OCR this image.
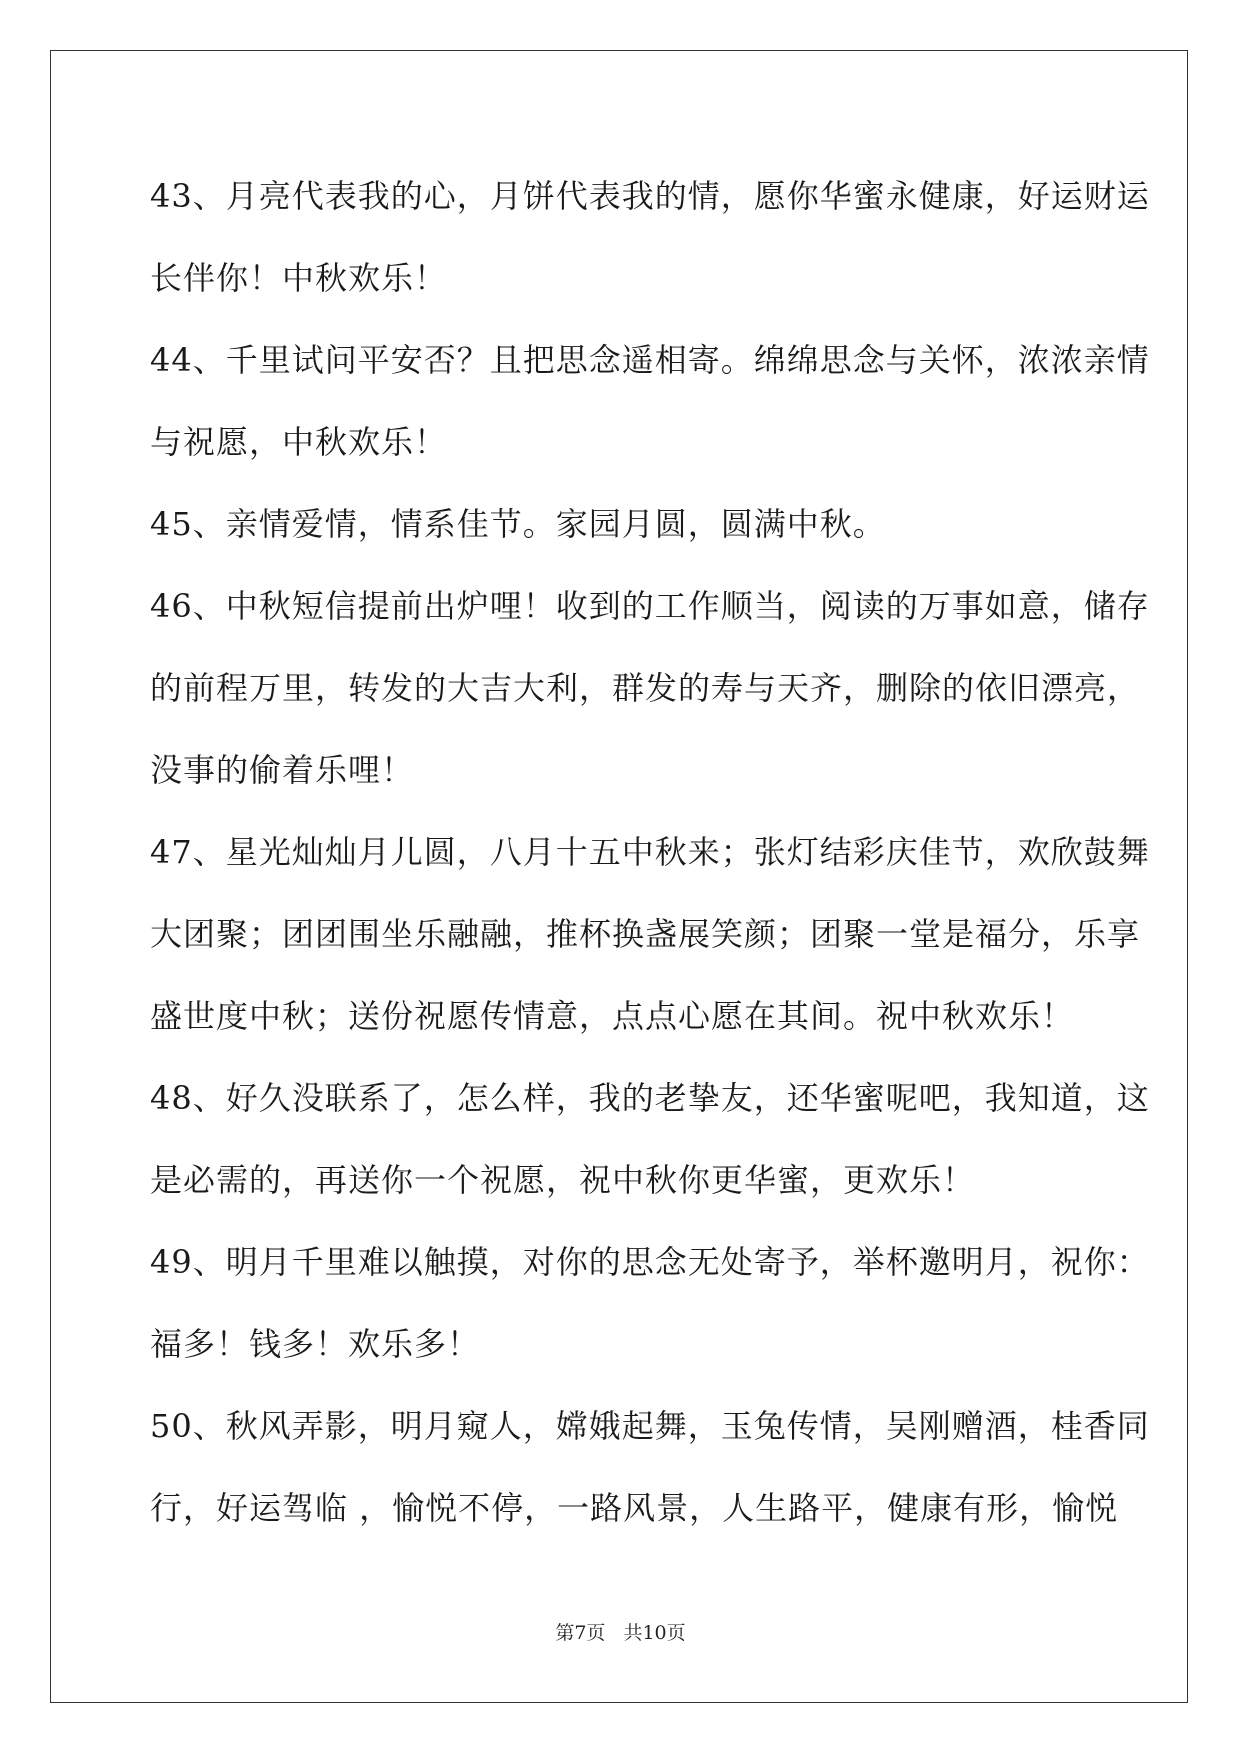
43、月亮代表我的心，月饼代表我的情，愿你华蜜永健康，好运财运
长伴你！中秋欢乐！
44、千里试问平安否？且把思念遥相寄。绵绵思念与关怀，浓浓亲情
与祝愿，中秋欢乐！
45、亲情爱情，情系佳节。家园月圆，圆满中秋。
46、中秋短信提前出炉哩！收到的工作顺当，阅读的万事如意，储存
的前程万里，转发的大吉大利，群发的寿与天齐，删除的依旧漂亮，
没事的偷着乐哩！
47、星光灿灿月儿圆，八月十五中秋来；张灯结彩庆佳节，欢欣鼓舞
大团聚；团团围坐乐融融，推杯换盏展笑颜；团聚一堂是福分，乐享
盛世度中秋；送份祝愿传情意，点点心愿在其间。祝中秋欢乐！
48、好久没联系了，怎么样，我的老挚友，还华蜜呢吧，我知道，这
是必需的，再送你一个祝愿，祝中秋你更华蜜，更欢乐！
49、明月千里难以触摸，对你的思念无处寄予，举杯邀明月，祝你：
福多！钱多！欢乐多！
50、秋风弄影，明月窥人，嫦娥起舞，玉兔传情，吴刚赠酒，桂香同
行，好运驾临 ，愉悦不停，一路风景，人生路平，健康有形，愉悦
第7页 共10页
